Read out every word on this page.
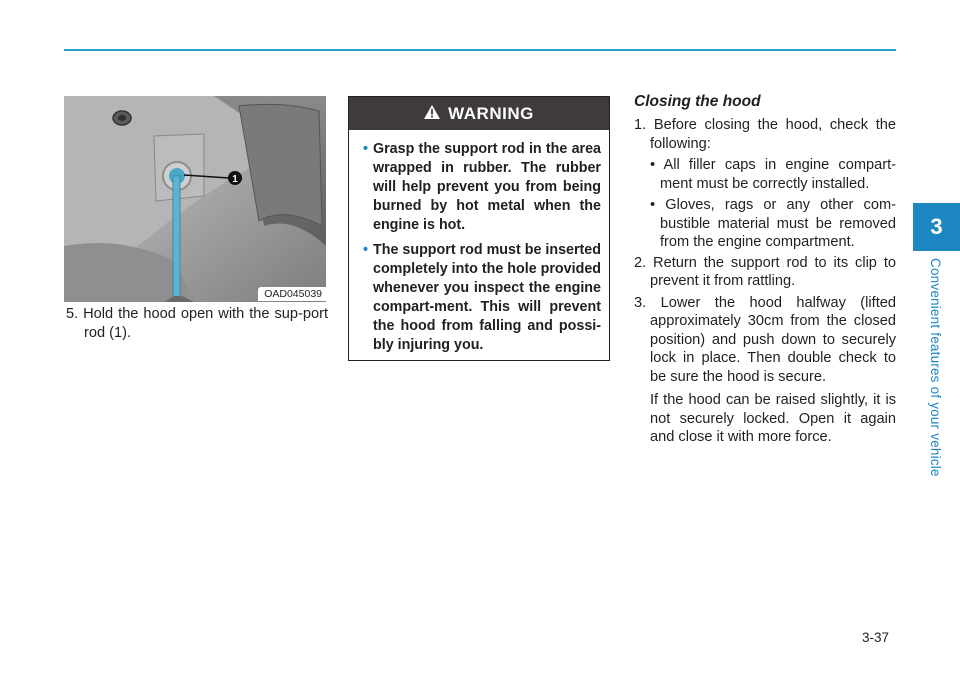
3
Convenient features of your vehicle
1
OAD045039
5. Hold the hood open with the sup-port rod (1).
WARNING
• Grasp the support rod in the area wrapped in rubber. The rubber will help prevent you from being burned by hot metal when the engine is hot.
• The support rod must be inserted completely into the hole provided whenever you inspect the engine compart-ment. This will prevent the hood from falling and possi-bly injuring you.
Closing the hood
1. Before closing the hood, check the following:
• All filler caps in engine compart-ment must be correctly installed.
• Gloves, rags or any other com-bustible material must be removed from the engine compartment.
2. Return the support rod to its clip to prevent it from rattling.
3. Lower the hood halfway (lifted approximately 30cm from the closed position) and push down to securely lock in place. Then double check to be sure the hood is secure.
If the hood can be raised slightly, it is not securely locked. Open it again and close it with more force.
3-37
